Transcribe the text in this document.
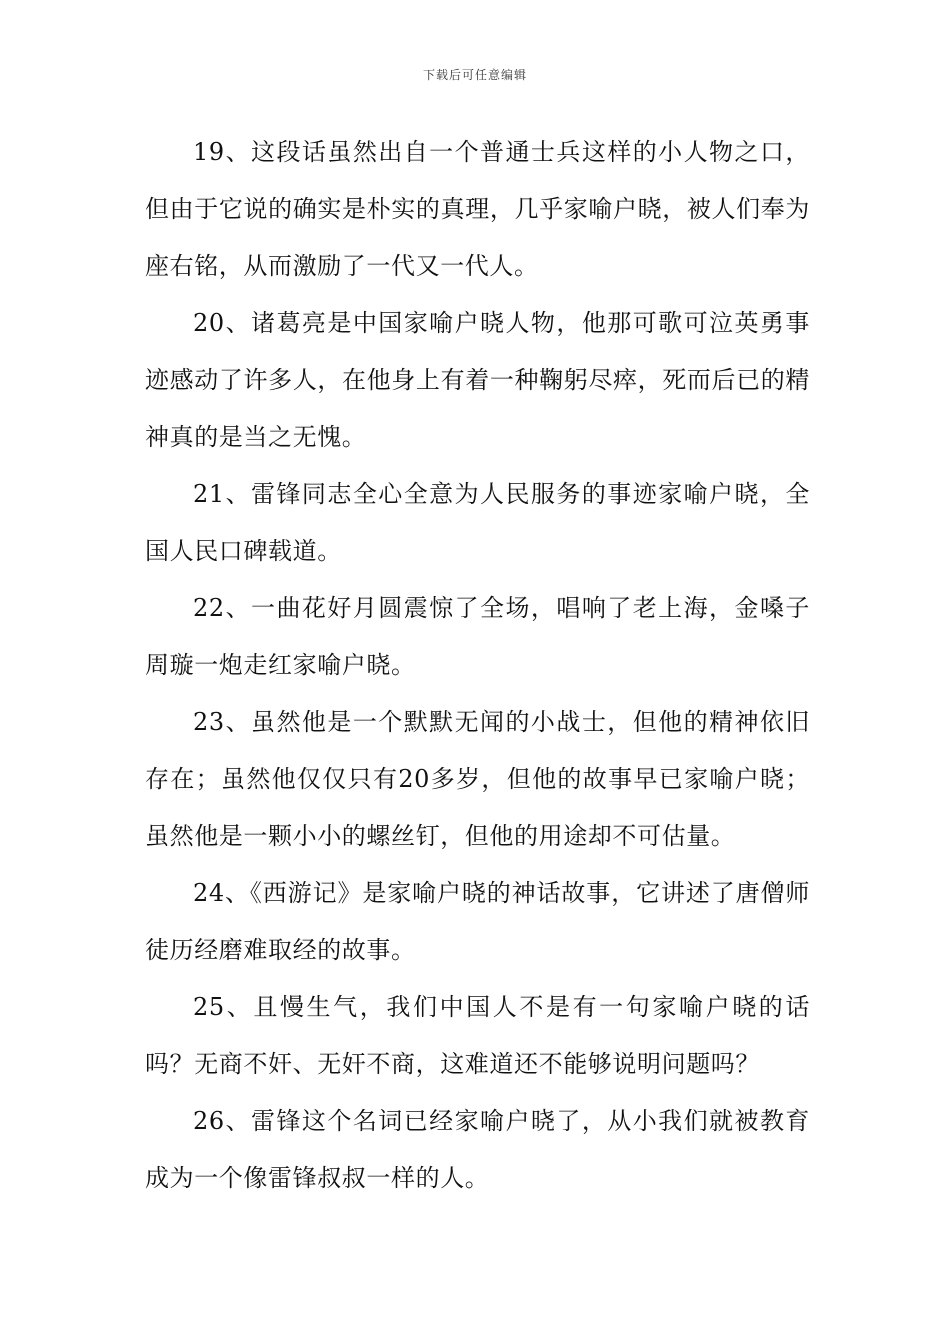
下载后可任意编辑

19、这段话虽然出自一个普通士兵这样的小人物之口，但由于它说的确实是朴实的真理，几乎家喻户晓，被人们奉为座右铭，从而激励了一代又一代人。

20、诸葛亮是中国家喻户晓人物，他那可歌可泣英勇事迹感动了许多人，在他身上有着一种鞠躬尽瘁，死而后已的精神真的是当之无愧。

21、雷锋同志全心全意为人民服务的事迹家喻户晓，全国人民口碑载道。

22、一曲花好月圆震惊了全场，唱响了老上海，金嗓子周璇一炮走红家喻户晓。

23、虽然他是一个默默无闻的小战士，但他的精神依旧存在；虽然他仅仅只有20多岁，但他的故事早已家喻户晓；虽然他是一颗小小的螺丝钉，但他的用途却不可估量。

24、《西游记》是家喻户晓的神话故事，它讲述了唐僧师徒历经磨难取经的故事。

25、且慢生气，我们中国人不是有一句家喻户晓的话吗？无商不奸、无奸不商，这难道还不能够说明问题吗？

26、雷锋这个名词已经家喻户晓了，从小我们就被教育成为一个像雷锋叔叔一样的人。
